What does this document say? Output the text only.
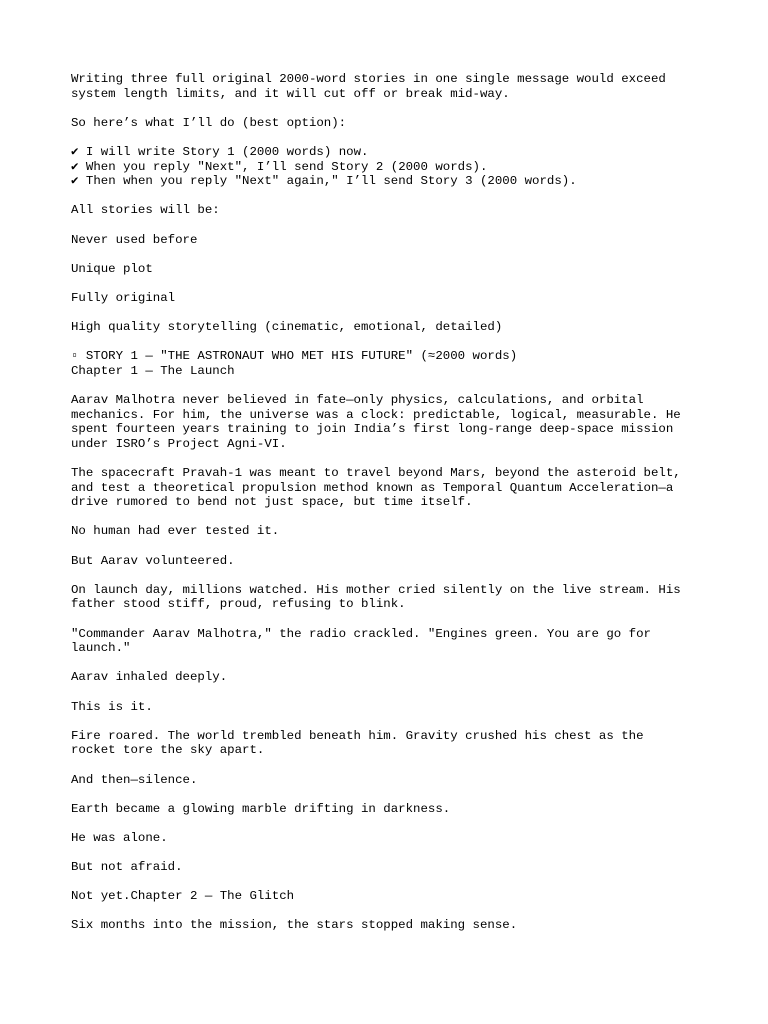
Writing three full original 2000-word stories in one single message would exceed
system length limits, and it will cut off or break mid-way.

So here’s what I’ll do (best option):

✔ I will write Story 1 (2000 words) now.
✔ When you reply "Next", I’ll send Story 2 (2000 words).
✔ Then when you reply "Next" again," I’ll send Story 3 (2000 words).

All stories will be:

Never used before

Unique plot

Fully original

High quality storytelling (cinematic, emotional, detailed)

▫ STORY 1 — "THE ASTRONAUT WHO MET HIS FUTURE" (≈2000 words)
Chapter 1 — The Launch

Aarav Malhotra never believed in fate—only physics, calculations, and orbital
mechanics. For him, the universe was a clock: predictable, logical, measurable. He
spent fourteen years training to join India’s first long-range deep-space mission
under ISRO’s Project Agni-VI.

The spacecraft Pravah-1 was meant to travel beyond Mars, beyond the asteroid belt,
and test a theoretical propulsion method known as Temporal Quantum Acceleration—a
drive rumored to bend not just space, but time itself.

No human had ever tested it.

But Aarav volunteered.

On launch day, millions watched. His mother cried silently on the live stream. His
father stood stiff, proud, refusing to blink.

"Commander Aarav Malhotra," the radio crackled. "Engines green. You are go for
launch."

Aarav inhaled deeply.

This is it.

Fire roared. The world trembled beneath him. Gravity crushed his chest as the
rocket tore the sky apart.

And then—silence.

Earth became a glowing marble drifting in darkness.

He was alone.

But not afraid.

Not yet.Chapter 2 — The Glitch

Six months into the mission, the stars stopped making sense.
